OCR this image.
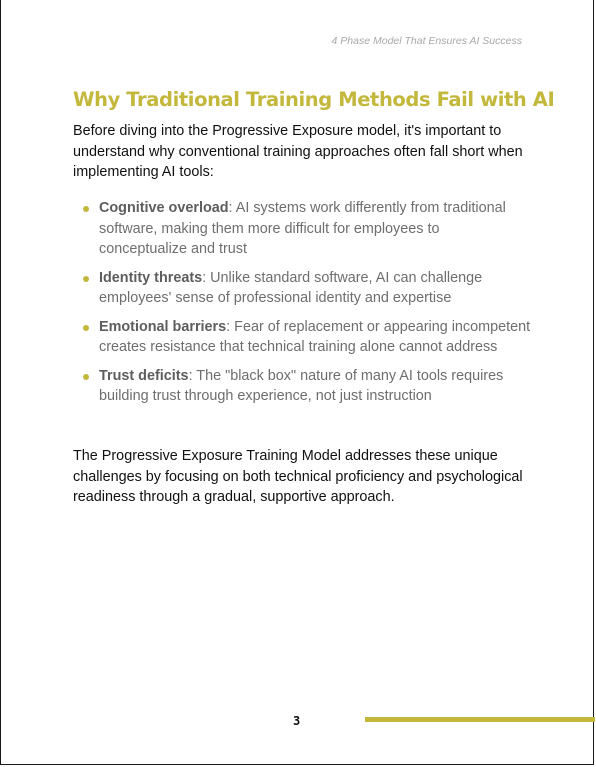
4 Phase Model That Ensures AI Success
Why Traditional Training Methods Fail with AI

Before diving into the Progressive Exposure model, it's important to understand why conventional training approaches often fall short when implementing AI tools:

Cognitive overload: AI systems work differently from traditional software, making them more difficult for employees to conceptualize and trust
Identity threats: Unlike standard software, AI can challenge employees' sense of professional identity and expertise
Emotional barriers: Fear of replacement or appearing incompetent creates resistance that technical training alone cannot address
Trust deficits: The "black box" nature of many AI tools requires building trust through experience, not just instruction

The Progressive Exposure Training Model addresses these unique challenges by focusing on both technical proficiency and psychological readiness through a gradual, supportive approach.

3
